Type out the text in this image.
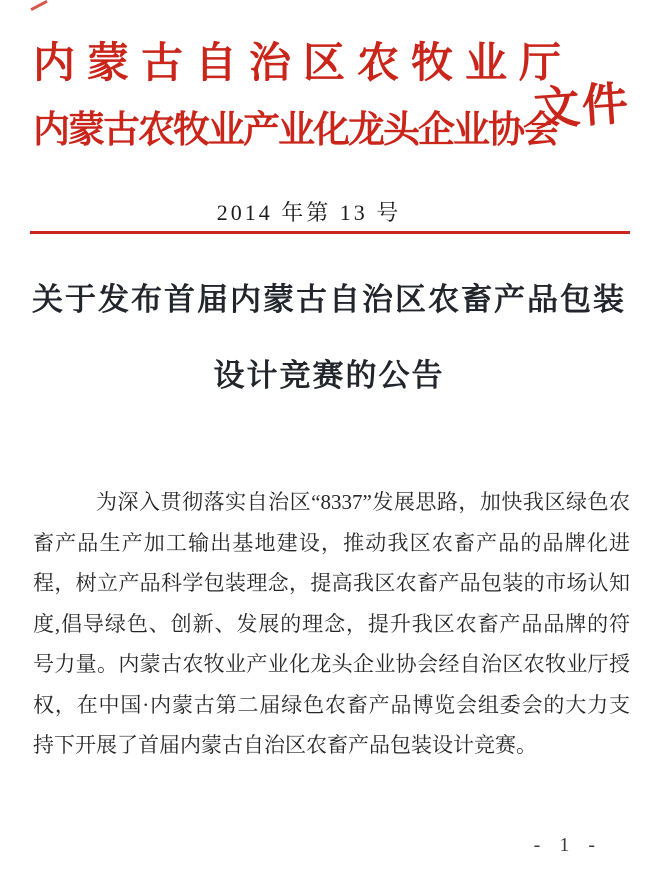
内蒙古自治区农牧业厅
文件
内蒙古农牧业产业化龙头企业协会
2014 年第 13 号
关于发布首届内蒙古自治区农畜产品包装
设计竞赛的公告
为深入贯彻落实自治区“8337”发展思路，加快我区绿色农
畜产品生产加工输出基地建设，推动我区农畜产品的品牌化进
程，树立产品科学包装理念，提高我区农畜产品包装的市场认知
度,倡导绿色、创新、发展的理念，提升我区农畜产品品牌的符
号力量。内蒙古农牧业产业化龙头企业协会经自治区农牧业厅授
权，在中国·内蒙古第二届绿色农畜产品博览会组委会的大力支
持下开展了首届内蒙古自治区农畜产品包装设计竞赛。
- 1 -
